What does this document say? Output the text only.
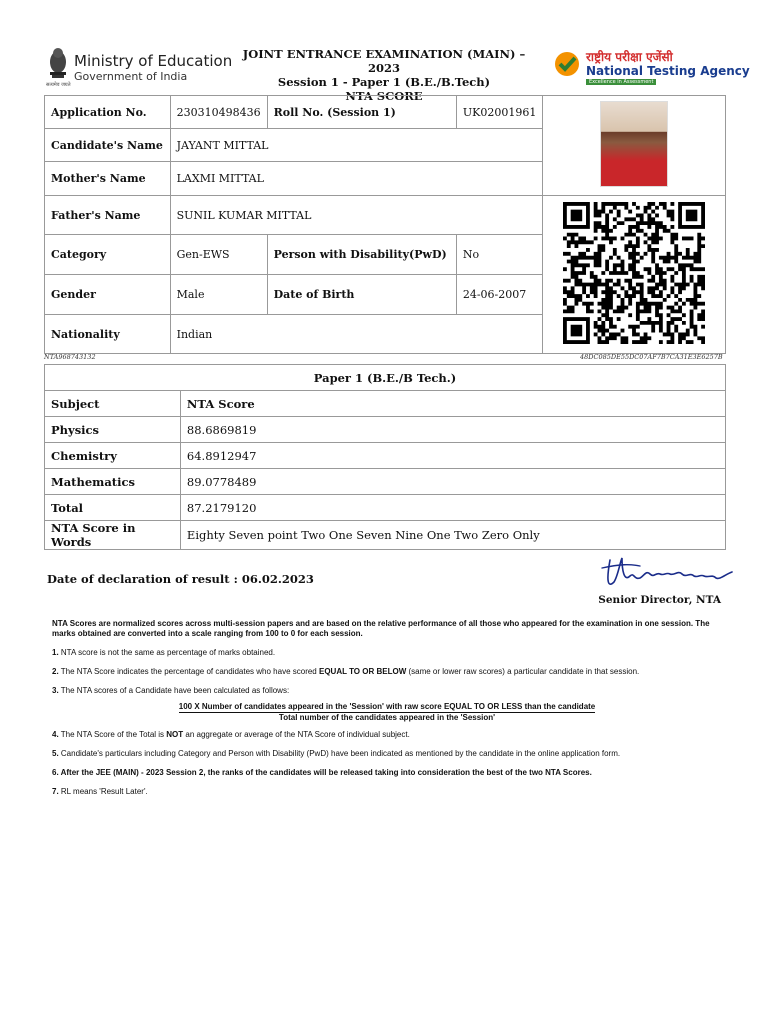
Ministry of Education
Government of India
सत्यमेव जयते
JOINT ENTRANCE EXAMINATION (MAIN) – 2023
Session 1 - Paper 1 (B.E./B.Tech)
NTA SCORE
राष्ट्रीय परीक्षा एजेंसी
National Testing Agency
Excellence in Assessment
Application No.	230310498436	Roll No. (Session 1)	UK02001961	
Candidate's Name	JAYANT MITTAL			
Mother's Name	LAXMI MITTAL			
Father's Name	SUNIL KUMAR MITTAL	
Category	Gen-EWS	Person with Disability(PwD)	No	
Gender	Male	Date of Birth	24-06-2007	
Nationality	Indian			
NTA968743132	48DC085DE55DC07AF7B7CA31E3E6257B
Paper 1 (B.E./B Tech.)	
Subject	NTA Score
Physics	88.6869819
Chemistry	64.8912947
Mathematics	89.0778489
Total	87.2179120
NTA Score in Words	Eighty Seven point Two One Seven Nine One Two Zero Only
Date of declaration of result : 06.02.2023
Senior Director, NTA

NTA Scores are normalized scores across multi-session papers and are based on the relative performance of all those who appeared for the examination in one session. The marks obtained are converted into a scale ranging from 100 to 0 for each session.

1. NTA score is not the same as percentage of marks obtained.

2. The NTA Score indicates the percentage of candidates who have scored EQUAL TO OR BELOW (same or lower raw scores) a particular candidate in that session.

3. The NTA scores of a Candidate have been calculated as follows:

100 X Number of candidates appeared in the 'Session' with raw score EQUAL TO OR LESS than the candidate
Total number of the candidates appeared in the 'Session'

4. The NTA Score of the Total is NOT an aggregate or average of the NTA Score of individual subject.

5. Candidate's particulars including Category and Person with Disability (PwD) have been indicated as mentioned by the candidate in the online application form.

6. After the JEE (MAIN) - 2023 Session 2, the ranks of the candidates will be released taking into consideration the best of the two NTA Scores.

7. RL means 'Result Later'.
